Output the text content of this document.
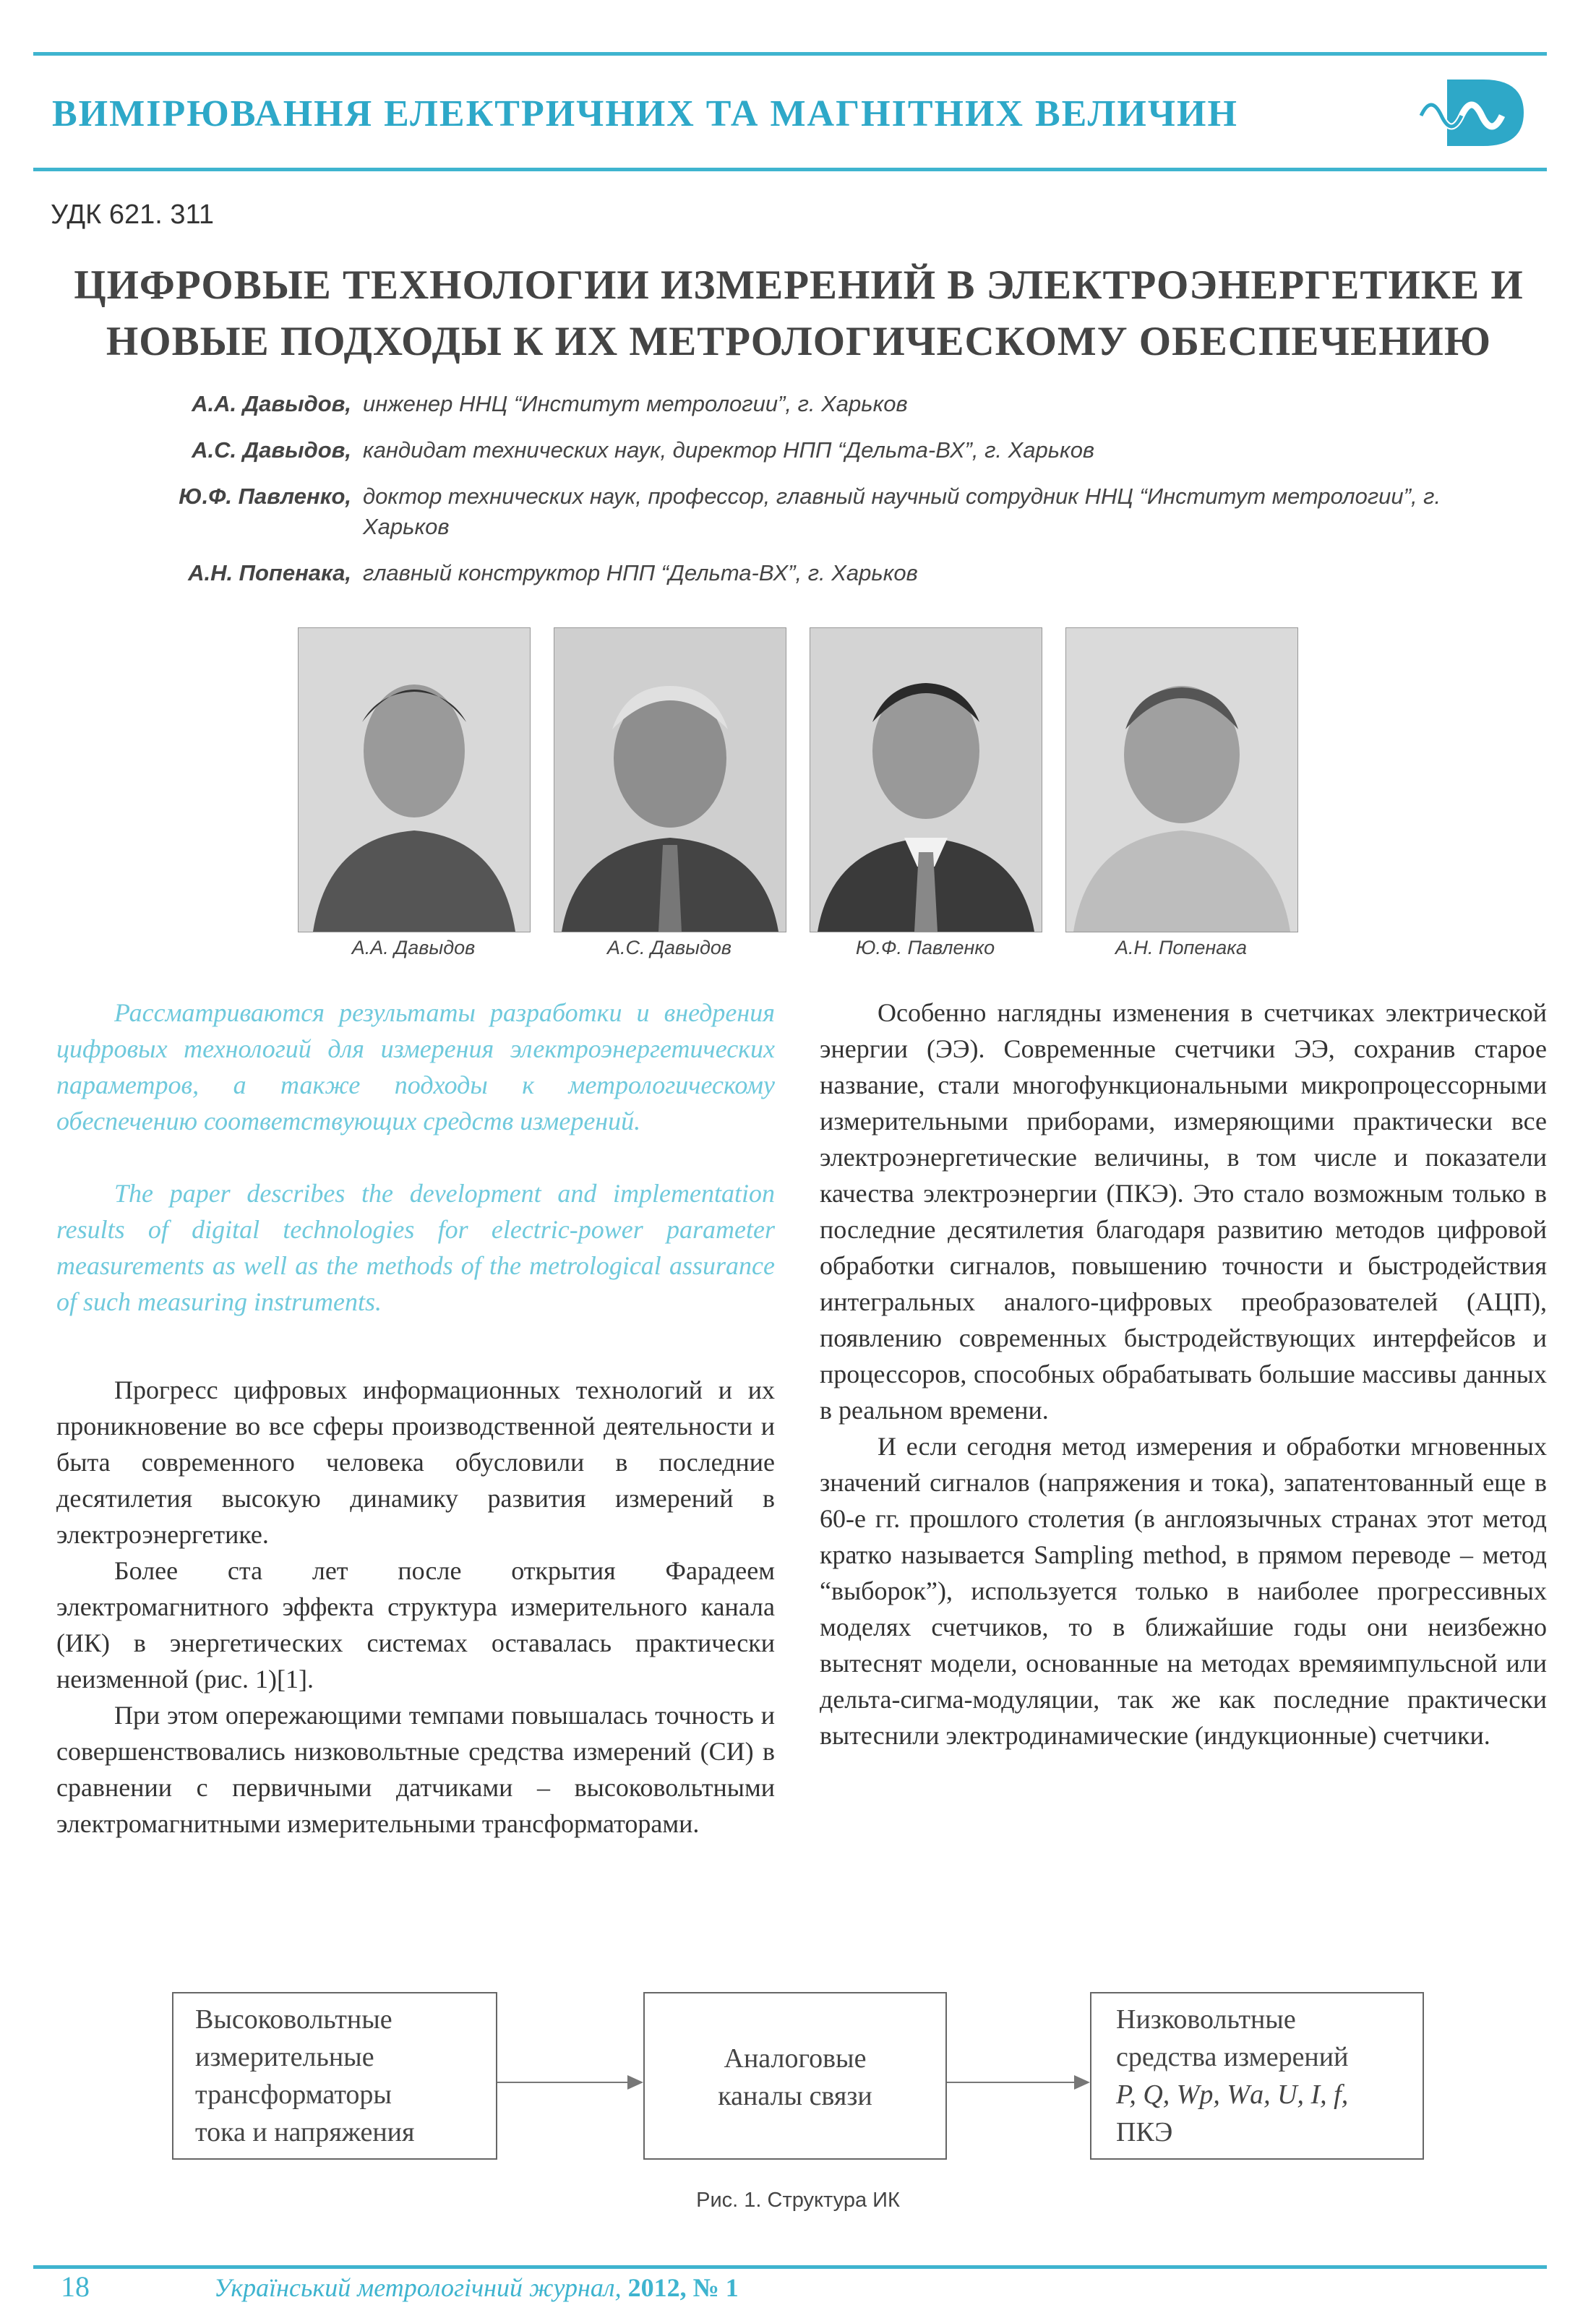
ВИМІРЮВАННЯ ЕЛЕКТРИЧНИХ ТА МАГНІТНИХ ВЕЛИЧИН
УДК 621. 311
ЦИФРОВЫЕ ТЕХНОЛОГИИ ИЗМЕРЕНИЙ В ЭЛЕКТРОЭНЕРГЕТИКЕ И
НОВЫЕ ПОДХОДЫ К ИХ МЕТРОЛОГИЧЕСКОМУ ОБЕСПЕЧЕНИЮ
А.А. Давыдов, инженер ННЦ “Институт метрологии”, г. Харьков
А.С. Давыдов, кандидат технических наук, директор НПП “Дельта-ВХ”, г. Харьков
Ю.Ф. Павленко, доктор технических наук, профессор, главный научный сотрудник ННЦ “Институт метрологии”, г. Харьков
А.Н. Попенака, главный конструктор НПП “Дельта-ВХ”, г. Харьков
А.А. Давыдов	А.С. Давыдов	Ю.Ф. Павленко	А.Н. Попенака

Рассматриваются результаты разработки и внедрения цифровых технологий для измерения электроэнергетических параметров, а также подходы к метрологическому обеспечению соответствующих средств измерений.

The paper describes the development and implementation results of digital technologies for electric-power parameter measurements as well as the methods of the metrological assurance of such measuring instruments.

Прогресс цифровых информационных технологий и их проникновение во все сферы производственной деятельности и быта современного человека обусловили в последние десятилетия высокую динамику развития измерений в электроэнергетике.

Более ста лет после открытия Фарадеем электромагнитного эффекта структура измерительного канала (ИК) в энергетических системах оставалась практически неизменной (рис. 1)[1].

При этом опережающими темпами повышалась точность и совершенствовались низковольтные средства измерений (СИ) в сравнении с первичными датчиками – высоковольтными электромагнитными измерительными трансформаторами.

Особенно наглядны изменения в счетчиках электрической энергии (ЭЭ). Современные счетчики ЭЭ, сохранив старое название, стали многофункциональными микропроцессорными измерительными приборами, измеряющими практически все электроэнергетические величины, в том числе и показатели качества электроэнергии (ПКЭ). Это стало возможным только в последние десятилетия благодаря развитию методов цифровой обработки сигналов, повышению точности и быстродействия интегральных аналого-цифровых преобразователей (АЦП), появлению современных быстродействующих интерфейсов и процессоров, способных обрабатывать большие массивы данных в реальном времени.

И если сегодня метод измерения и обработки мгновенных значений сигналов (напряжения и тока), запатентованный еще в 60-е гг. прошлого столетия (в англоязычных странах этот метод кратко называется Sampling method, в прямом переводе – метод “выборок”), используется только в наиболее прогрессивных моделях счетчиков, то в ближайшие годы они неизбежно вытеснят модели, основанные на методах времяимпульсной или дельта-сигма-модуляции, так же как последние практически вытеснили электродинамические (индукционные) счетчики.

Высоковольтные
измерительные
трансформаторы
тока и напряжения
Аналоговые
каналы связи
Низковольтные
средства измерений
P, Q, Wр, Wа, U, I, f,
ПКЭ
Рис. 1. Структура ИК
18	Український метрологічний журнал, 2012, № 1
